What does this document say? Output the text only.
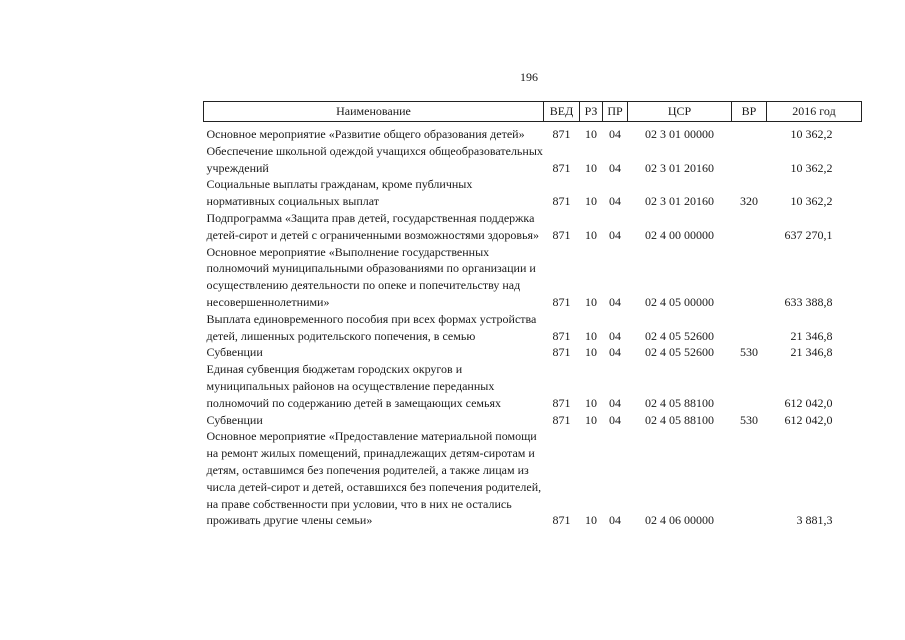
196
Наименование	ВЕД	РЗ	ПР	ЦСР	ВР	2016 год
Основное мероприятие «Развитие общего образования детей»	871	10	04	02 3 01 00000		10 362,2
Обеспечение школьной одеждой учащихся общеобразовательных учреждений	871	10	04	02 3 01 20160		10 362,2
Социальные выплаты гражданам, кроме публичных нормативных социальных выплат	871	10	04	02 3 01 20160	320	10 362,2
Подпрограмма «Защита прав детей, государственная поддержка детей-сирот и детей с ограниченными возможностями здоровья»	871	10	04	02 4 00 00000		637 270,1
Основное мероприятие «Выполнение государственных полномочий муниципальными образованиями по организации и осуществлению деятельности по опеке и попечительству над несовершеннолетними»	871	10	04	02 4 05 00000		633 388,8
Выплата единовременного пособия при всех формах устройства детей, лишенных родительского попечения, в семью	871	10	04	02 4 05 52600		21 346,8
Субвенции	871	10	04	02 4 05 52600	530	21 346,8
Единая субвенция бюджетам городских округов и муниципальных районов на осуществление переданных полномочий по содержанию детей в замещающих семьях	871	10	04	02 4 05 88100		612 042,0
Субвенции	871	10	04	02 4 05 88100	530	612 042,0
Основное мероприятие «Предоставление материальной помощи на ремонт жилых помещений, принадлежащих детям-сиротам и детям, оставшимся без попечения родителей, а также лицам из числа детей-сирот и детей, оставшихся без попечения родителей, на праве собственности при условии, что в них не остались проживать другие члены семьи»	871	10	04	02 4 06 00000		3 881,3
